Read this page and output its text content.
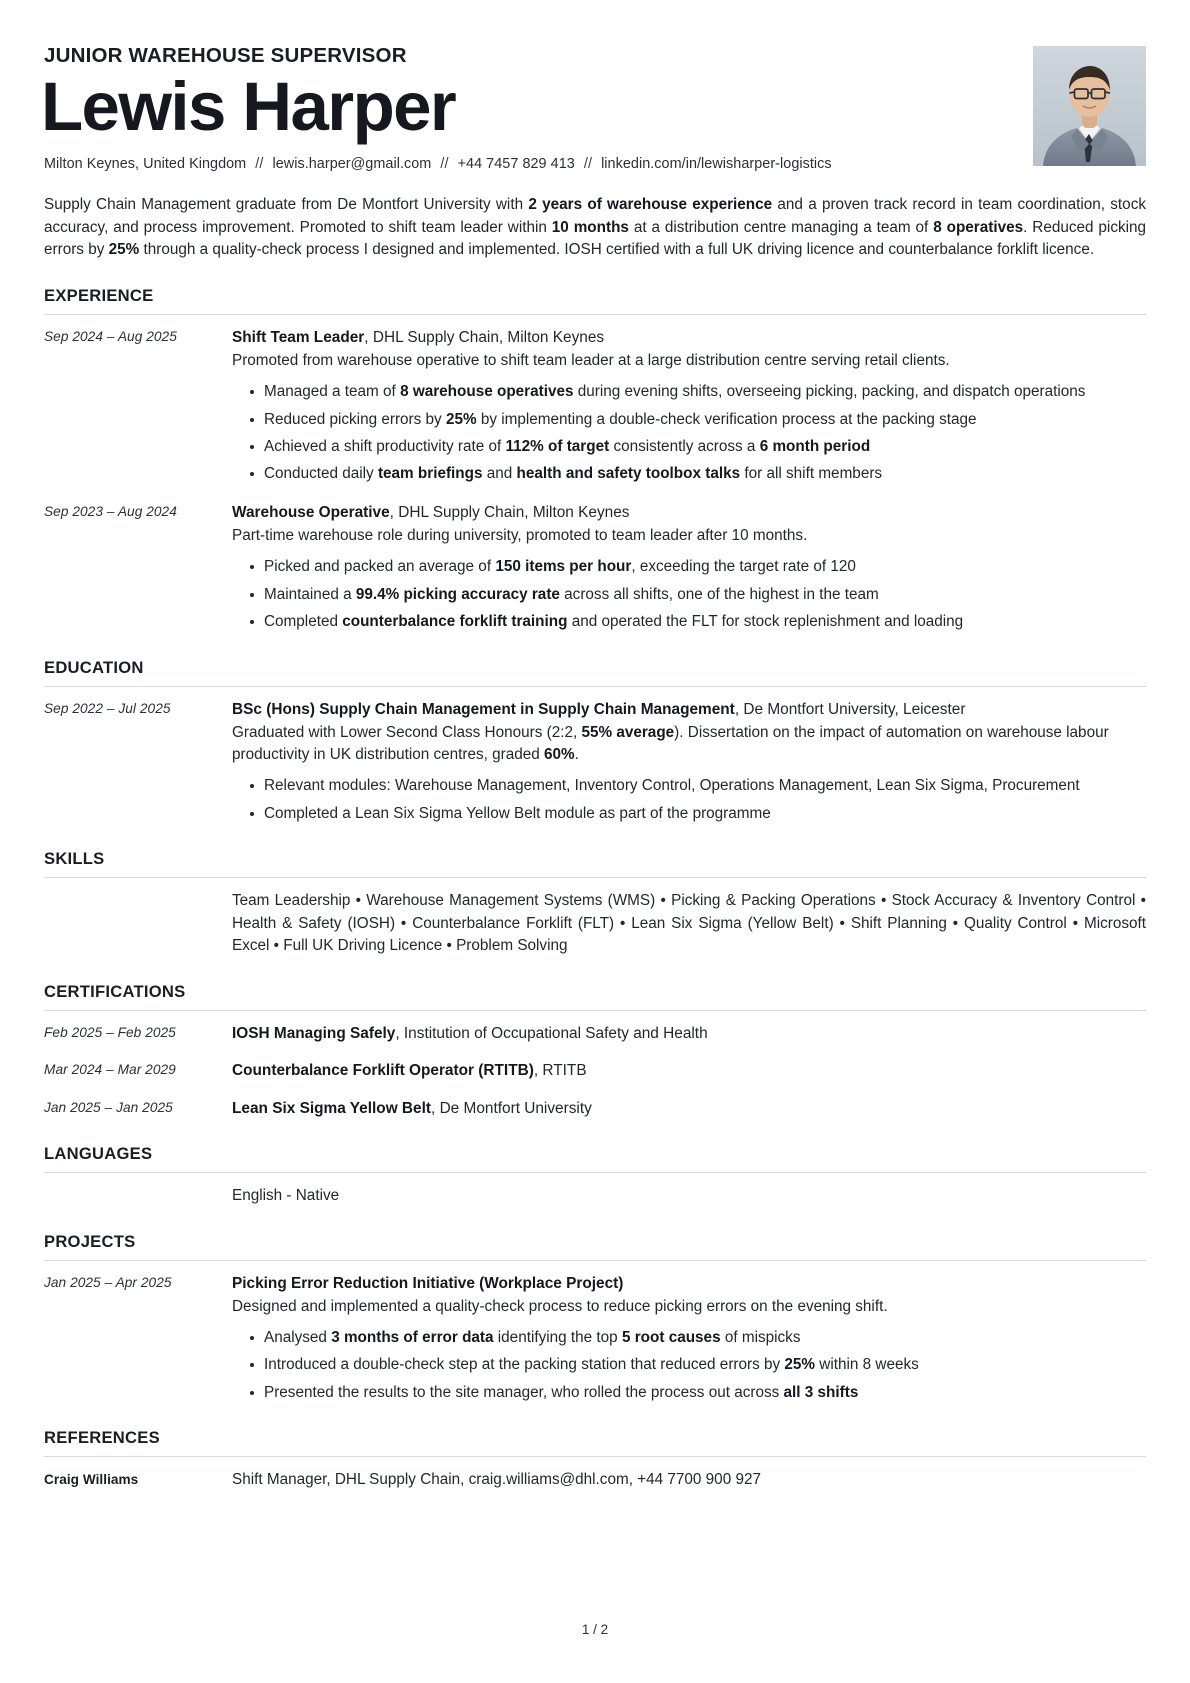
JUNIOR WAREHOUSE SUPERVISOR
Lewis Harper
Milton Keynes, United Kingdom // lewis.harper@gmail.com // +44 7457 829 413 // linkedin.com/in/lewisharper-logistics
Supply Chain Management graduate from De Montfort University with 2 years of warehouse experience and a proven track record in team coordination, stock accuracy, and process improvement. Promoted to shift team leader within 10 months at a distribution centre managing a team of 8 operatives. Reduced picking errors by 25% through a quality-check process I designed and implemented. IOSH certified with a full UK driving licence and counterbalance forklift licence.
EXPERIENCE
Sep 2024 – Aug 2025	Shift Team Leader, DHL Supply Chain, Milton Keynes
Promoted from warehouse operative to shift team leader at a large distribution centre serving retail clients.
Managed a team of 8 warehouse operatives during evening shifts, overseeing picking, packing, and dispatch operations
Reduced picking errors by 25% by implementing a double-check verification process at the packing stage
Achieved a shift productivity rate of 112% of target consistently across a 6 month period
Conducted daily team briefings and health and safety toolbox talks for all shift members
Sep 2023 – Aug 2024	Warehouse Operative, DHL Supply Chain, Milton Keynes
Part-time warehouse role during university, promoted to team leader after 10 months.
Picked and packed an average of 150 items per hour, exceeding the target rate of 120
Maintained a 99.4% picking accuracy rate across all shifts, one of the highest in the team
Completed counterbalance forklift training and operated the FLT for stock replenishment and loading
EDUCATION
Sep 2022 – Jul 2025	BSc (Hons) Supply Chain Management in Supply Chain Management, De Montfort University, Leicester
Graduated with Lower Second Class Honours (2:2, 55% average). Dissertation on the impact of automation on warehouse labour productivity in UK distribution centres, graded 60%.
Relevant modules: Warehouse Management, Inventory Control, Operations Management, Lean Six Sigma, Procurement
Completed a Lean Six Sigma Yellow Belt module as part of the programme
SKILLS
Team Leadership • Warehouse Management Systems (WMS) • Picking & Packing Operations • Stock Accuracy & Inventory Control • Health & Safety (IOSH) • Counterbalance Forklift (FLT) • Lean Six Sigma (Yellow Belt) • Shift Planning • Quality Control • Microsoft Excel • Full UK Driving Licence • Problem Solving
CERTIFICATIONS
Feb 2025 – Feb 2025	IOSH Managing Safely, Institution of Occupational Safety and Health
Mar 2024 – Mar 2029	Counterbalance Forklift Operator (RTITB), RTITB
Jan 2025 – Jan 2025	Lean Six Sigma Yellow Belt, De Montfort University
LANGUAGES
English - Native
PROJECTS
Jan 2025 – Apr 2025	Picking Error Reduction Initiative (Workplace Project)
Designed and implemented a quality-check process to reduce picking errors on the evening shift.
Analysed 3 months of error data identifying the top 5 root causes of mispicks
Introduced a double-check step at the packing station that reduced errors by 25% within 8 weeks
Presented the results to the site manager, who rolled the process out across all 3 shifts
REFERENCES
Craig Williams	Shift Manager, DHL Supply Chain, craig.williams@dhl.com, +44 7700 900 927
1 / 2
